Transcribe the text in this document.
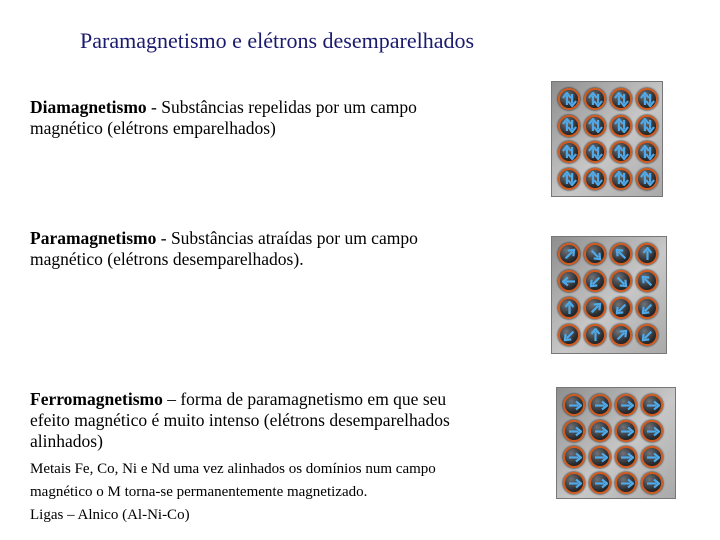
Paramagnetismo e elétrons desemparelhados
Diamagnetismo - Substâncias repelidas por um campo
magnético (elétrons emparelhados)
Paramagnetismo - Substâncias atraídas por um campo
magnético (elétrons desemparelhados).
Ferromagnetismo – forma de paramagnetismo em que seu
efeito magnético é muito intenso (elétrons desemparelhados
alinhados)
Metais Fe, Co, Ni e Nd uma vez alinhados os domínios num campo
magnético o M torna-se permanentemente magnetizado.
Ligas – Alnico (Al-Ni-Co)
